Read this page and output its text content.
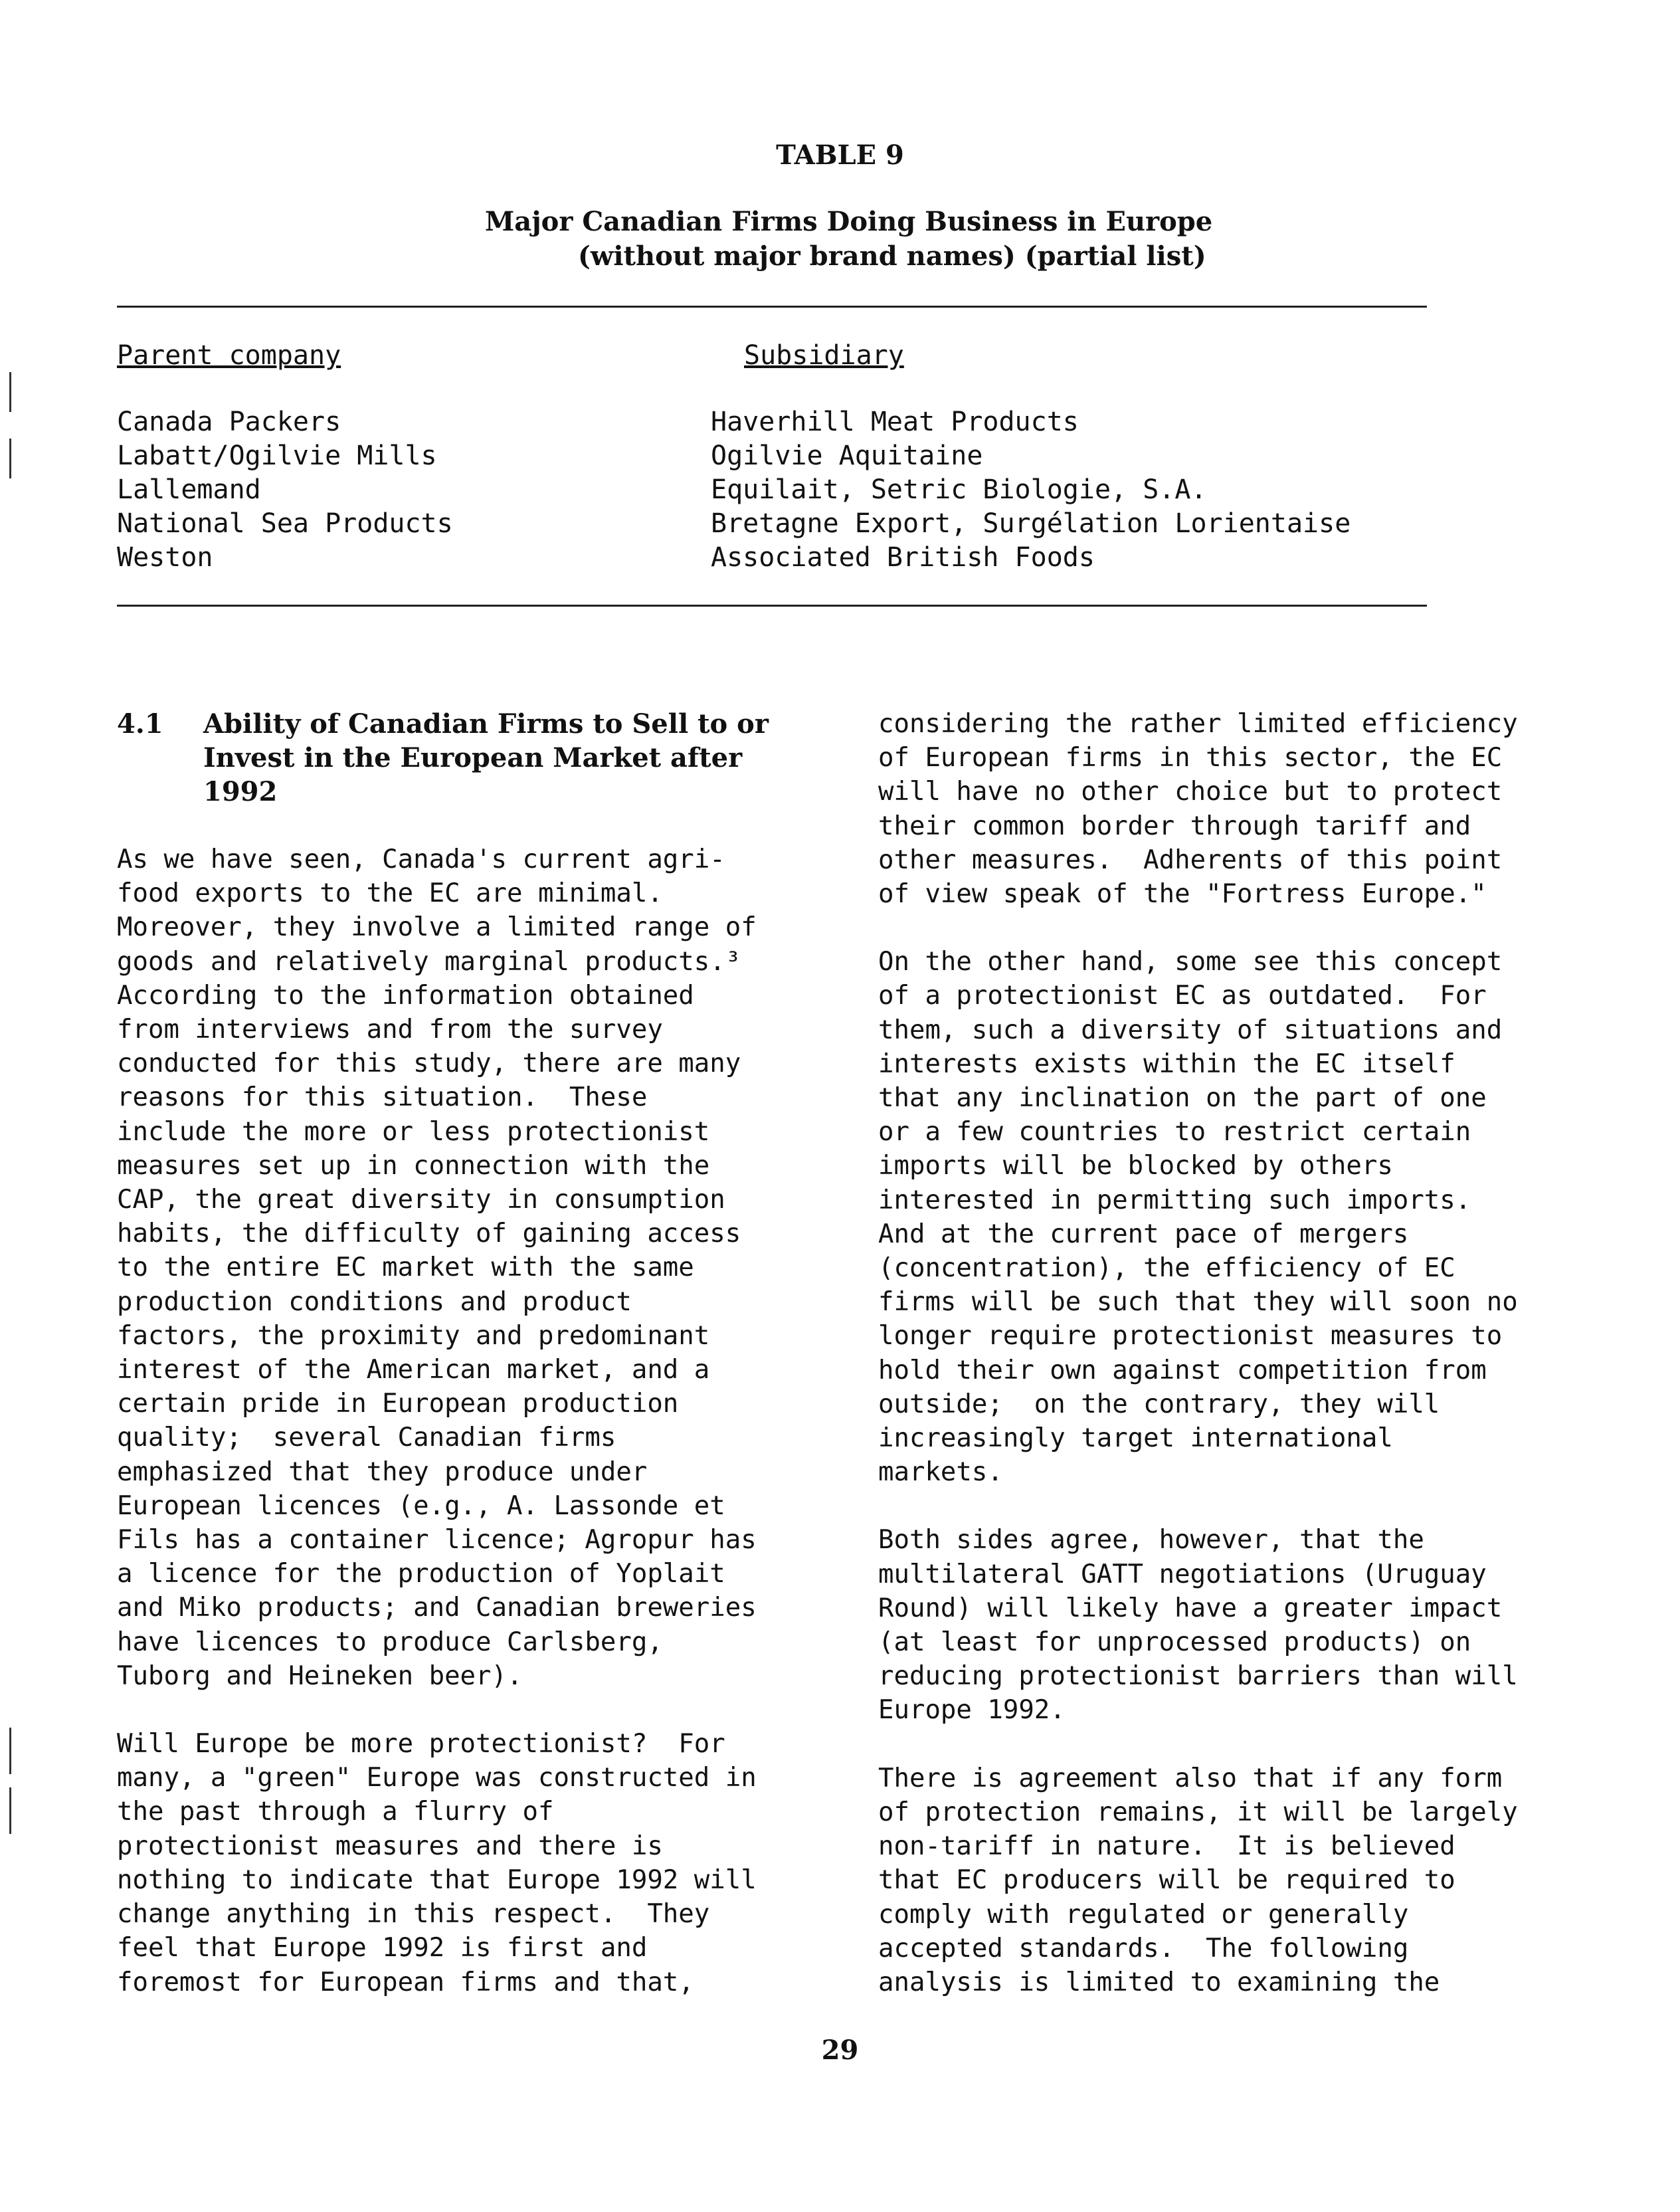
TABLE 9
Major Canadian Firms Doing Business in Europe
(without major brand names) (partial list)
Parent company	Subsidiary
Canada Packers
Labatt/Ogilvie Mills
Lallemand
National Sea Products
Weston
Haverhill Meat Products
Ogilvie Aquitaine
Equilait, Setric Biologie, S.A.
Bretagne Export, Surgélation Lorientaise
Associated British Foods
4.1 Ability of Canadian Firms to Sell to or Invest in the European Market after 1992

As we have seen, Canada's current agri-
food exports to the EC are minimal.
Moreover, they involve a limited range of
goods and relatively marginal products.³
According to the information obtained
from interviews and from the survey
conducted for this study, there are many
reasons for this situation.  These
include the more or less protectionist
measures set up in connection with the
CAP, the great diversity in consumption
habits, the difficulty of gaining access
to the entire EC market with the same
production conditions and product
factors, the proximity and predominant
interest of the American market, and a
certain pride in European production
quality;  several Canadian firms
emphasized that they produce under
European licences (e.g., A. Lassonde et
Fils has a container licence; Agropur has
a licence for the production of Yoplait
and Miko products; and Canadian breweries
have licences to produce Carlsberg,
Tuborg and Heineken beer).

Will Europe be more protectionist?  For
many, a "green" Europe was constructed in
the past through a flurry of
protectionist measures and there is
nothing to indicate that Europe 1992 will
change anything in this respect.  They
feel that Europe 1992 is first and
foremost for European firms and that,

considering the rather limited efficiency
of European firms in this sector, the EC
will have no other choice but to protect
their common border through tariff and
other measures.  Adherents of this point
of view speak of the "Fortress Europe."

On the other hand, some see this concept
of a protectionist EC as outdated.  For
them, such a diversity of situations and
interests exists within the EC itself
that any inclination on the part of one
or a few countries to restrict certain
imports will be blocked by others
interested in permitting such imports.
And at the current pace of mergers
(concentration), the efficiency of EC
firms will be such that they will soon no
longer require protectionist measures to
hold their own against competition from
outside;  on the contrary, they will
increasingly target international
markets.

Both sides agree, however, that the
multilateral GATT negotiations (Uruguay
Round) will likely have a greater impact
(at least for unprocessed products) on
reducing protectionist barriers than will
Europe 1992.

There is agreement also that if any form
of protection remains, it will be largely
non-tariff in nature.  It is believed
that EC producers will be required to
comply with regulated or generally
accepted standards.  The following
analysis is limited to examining the

29
